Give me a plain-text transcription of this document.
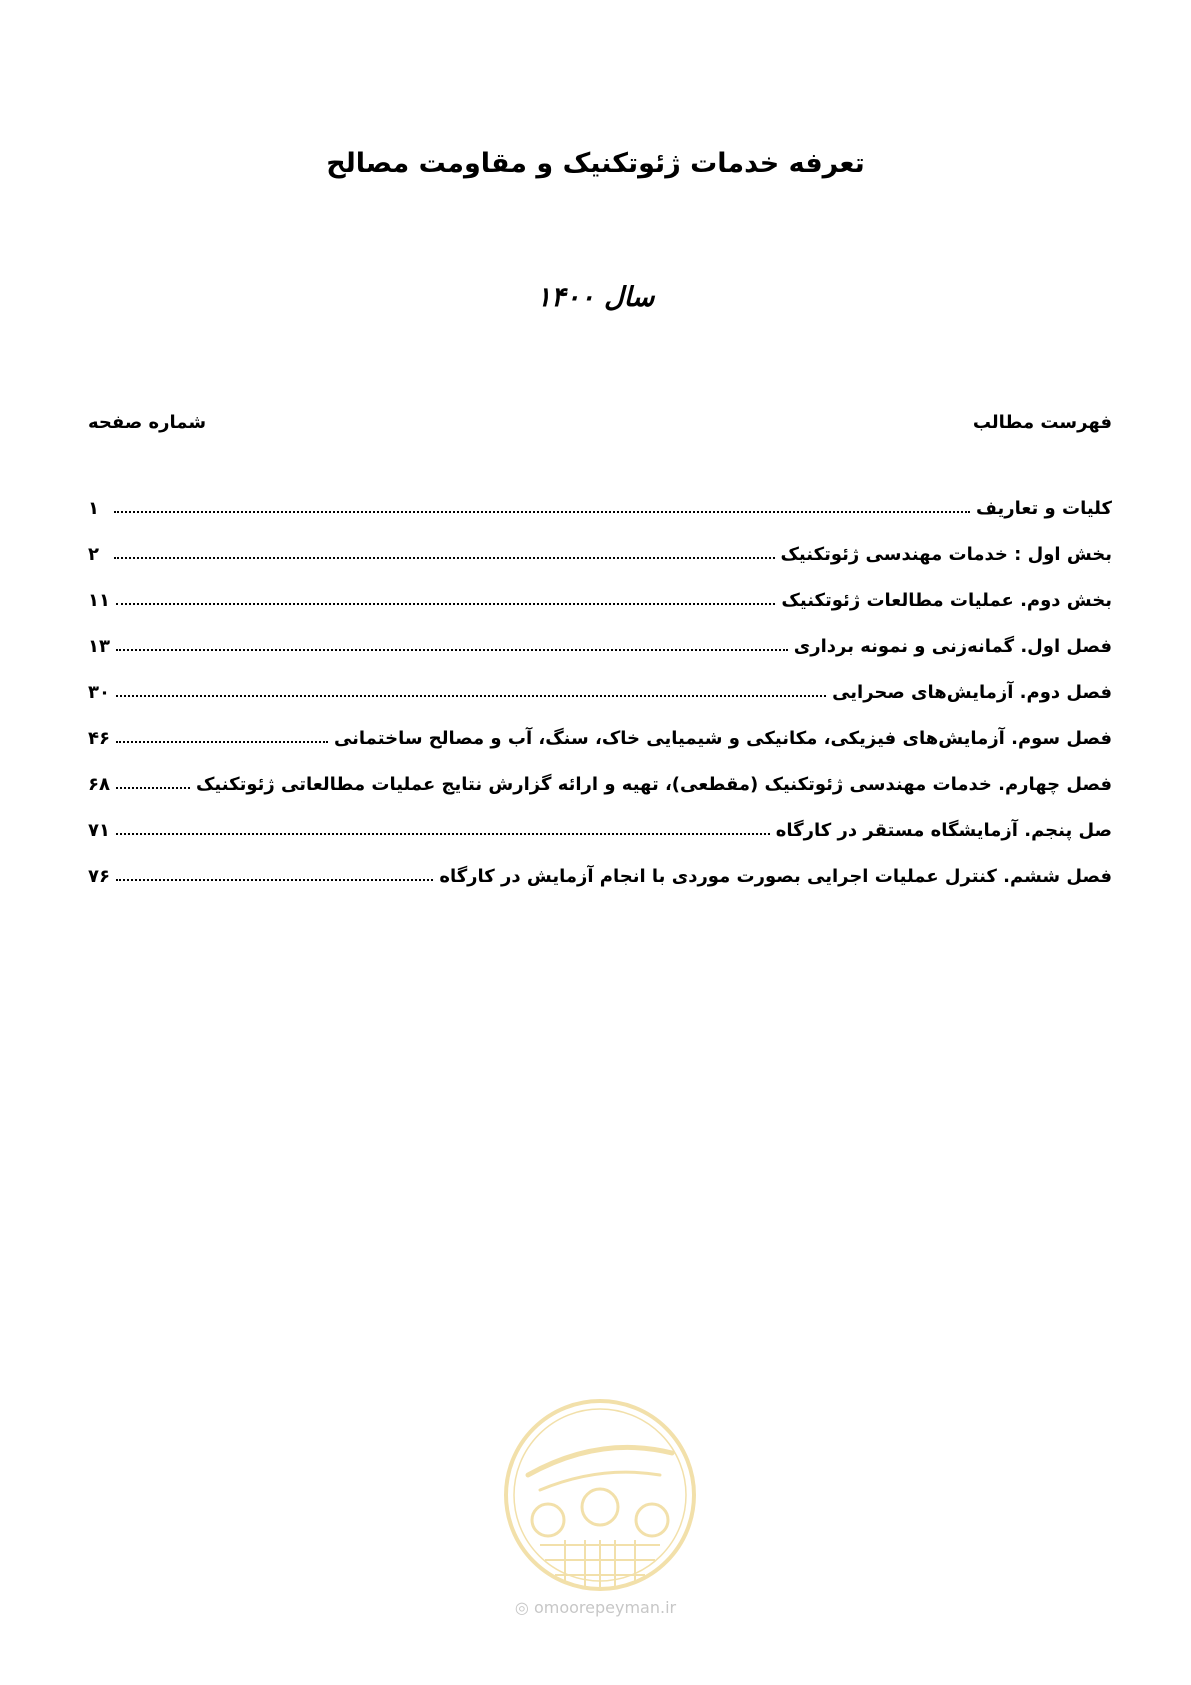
تعرفه خدمات ژئوتکنیک و مقاومت مصالح
سال ۱۴۰۰
فهرست مطالب
شماره صفحه
کلیات و تعاریف
۱
بخش اول : خدمات مهندسی ژئوتکنیک
۲
بخش دوم. عملیات مطالعات ژئوتکنیک
۱۱
فصل اول. گمانه‌زنی و نمونه برداری
۱۳
فصل دوم. آزمایش‌های صحرایی
۳۰
فصل سوم. آزمایش‌های فیزیکی، مکانیکی و شیمیایی خاک، سنگ، آب و مصالح ساختمانی
۴۶
فصل چهارم. خدمات مهندسی ژئوتکنیک (مقطعی)، تهیه و ارائه گزارش نتایج عملیات مطالعاتی ژئوتکنیک
۶۸
صل پنجم. آزمایشگاه مستقر در کارگاه
۷۱
فصل ششم. کنترل عملیات اجرایی بصورت موردی با انجام آزمایش در کارگاه
۷۶
◎ omoorepeyman.ir
